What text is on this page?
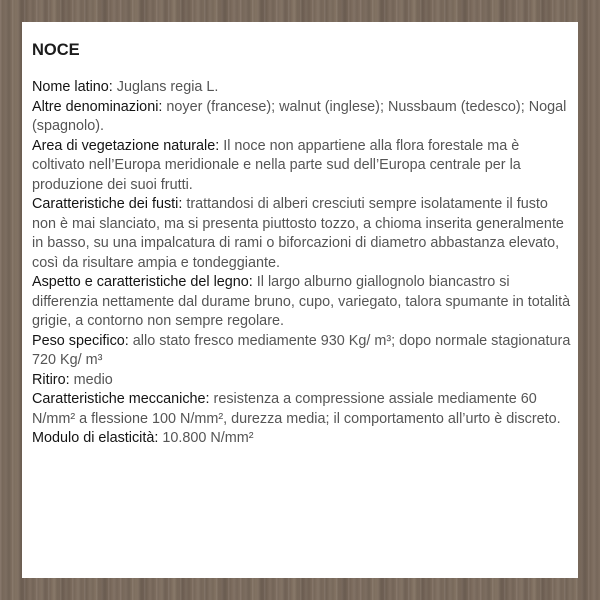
NOCE
Nome latino: Juglans regia L.
Altre denominazioni: noyer (francese); walnut (inglese); Nussbaum (tedesco); Nogal (spagnolo).
Area di vegetazione naturale: Il noce non appartiene alla flora forestale ma è coltivato nell’Europa meridionale e nella parte sud dell’Europa centrale per la produzione dei suoi frutti.
Caratteristiche dei fusti: trattandosi di alberi cresciuti sempre isolatamente il fusto non è mai slanciato, ma si presenta piuttosto tozzo, a chioma inserita generalmente in basso, su una impalcatura di rami o biforcazioni di diametro abbastanza elevato, così da risultare ampia e tondeggiante.
Aspetto e caratteristiche del legno: Il largo alburno giallognolo biancastro si differenzia nettamente dal durame bruno, cupo, variegato, talora spumante in totalità grigie, a contorno non sempre regolare.
Peso specifico: allo stato fresco mediamente 930 Kg/ m³; dopo normale stagionatura 720 Kg/ m³
Ritiro: medio
Caratteristiche meccaniche: resistenza a compressione assiale mediamente 60 N/mm² a flessione 100 N/mm², durezza media; il comportamento all’urto è discreto.
Modulo di elasticità: 10.800 N/mm²
